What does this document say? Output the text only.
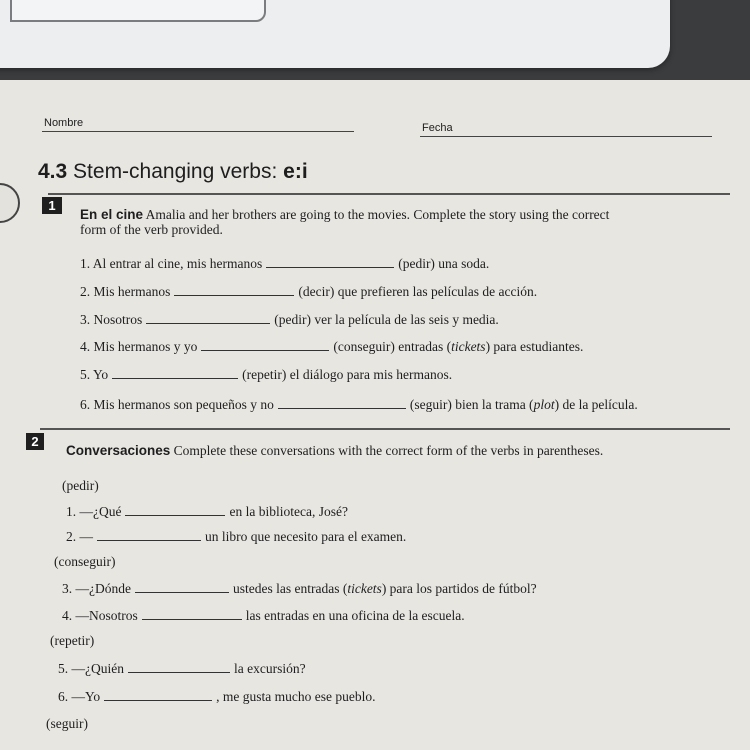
Nombre	Fecha
4.3 Stem-changing verbs: e:i
1
En el cine Amalia and her brothers are going to the movies. Complete the story using the correct
form of the verb provided.
1. Al entrar al cine, mis hermanos	(pedir) una soda.
2. Mis hermanos	(decir) que prefieren las películas de acción.
3. Nosotros	(pedir) ver la película de las seis y media.
4. Mis hermanos y yo	(conseguir) entradas (tickets) para estudiantes.
5. Yo	(repetir) el diálogo para mis hermanos.
6. Mis hermanos son pequeños y no	(seguir) bien la trama (plot) de la película.
2
Conversaciones Complete these conversations with the correct form of the verbs in parentheses.
(pedir)
1. —¿Qué	en la biblioteca, José?
2. —	un libro que necesito para el examen.
(conseguir)
3. —¿Dónde	ustedes las entradas (tickets) para los partidos de fútbol?
4. —Nosotros	las entradas en una oficina de la escuela.
(repetir)
5. —¿Quién	la excursión?
6. —Yo	, me gusta mucho ese pueblo.
(seguir)
